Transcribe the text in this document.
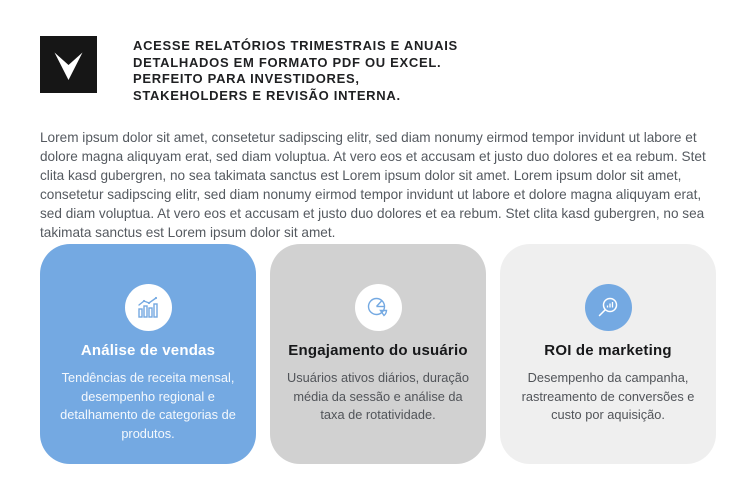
ACESSE RELATÓRIOS TRIMESTRAIS E ANUAIS
DETALHADOS EM FORMATO PDF OU EXCEL.
PERFEITO PARA INVESTIDORES,
STAKEHOLDERS E REVISÃO INTERNA.

Lorem ipsum dolor sit amet, consetetur sadipscing elitr, sed diam nonumy eirmod tempor invidunt ut labore et dolore magna aliquyam erat, sed diam voluptua. At vero eos et accusam et justo duo dolores et ea rebum. Stet clita kasd gubergren, no sea takimata sanctus est Lorem ipsum dolor sit amet. Lorem ipsum dolor sit amet, consetetur sadipscing elitr, sed diam nonumy eirmod tempor invidunt ut labore et dolore magna aliquyam erat, sed diam voluptua. At vero eos et accusam et justo duo dolores et ea rebum. Stet clita kasd gubergren, no sea takimata sanctus est Lorem ipsum dolor sit amet.

Análise de vendas
Tendências de receita mensal, desempenho regional e detalhamento de categorias de produtos.
Engajamento do usuário
Usuários ativos diários, duração média da sessão e análise da taxa de rotatividade.
ROI de marketing
Desempenho da campanha, rastreamento de conversões e custo por aquisição.
